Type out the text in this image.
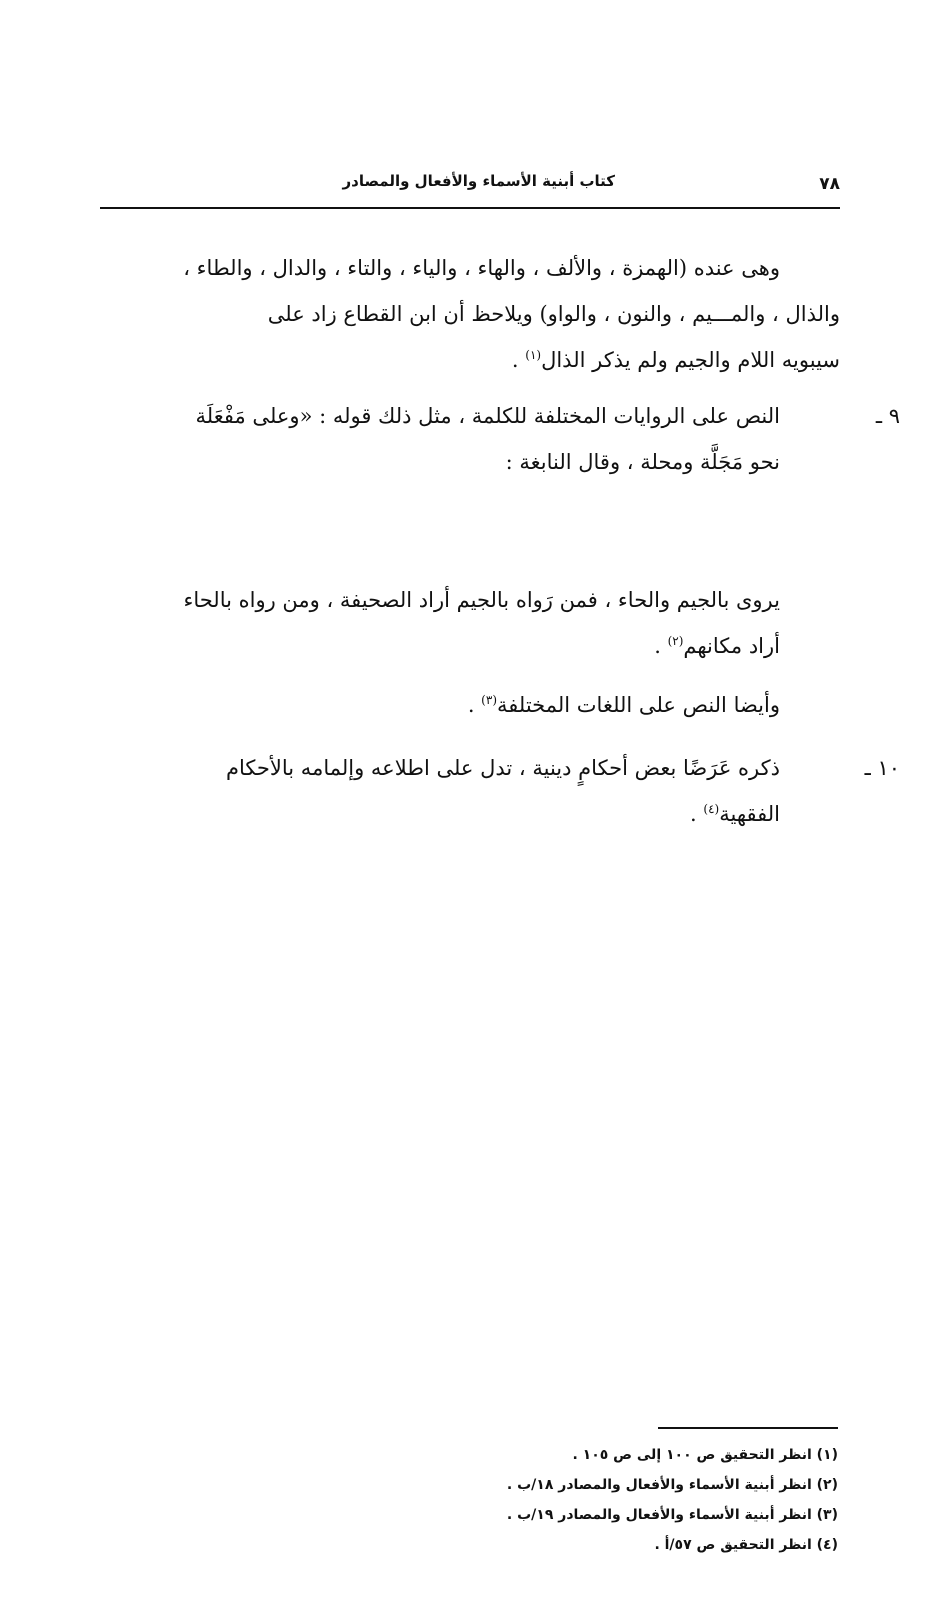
٧٨
كتاب أبنية الأسماء والأفعال والمصادر
وهى عنده (الهمزة ، والألف ، والهاء ، والياء ، والتاء ، والدال ، والطاء ،
والذال ، والمـــيم ، والنون ، والواو) ويلاحظ أن ابن القطاع زاد على
سيبويه اللام والجيم ولم يذكر الذال$^{(١)}$ .
٩ ـالنص على الروايات المختلفة للكلمة ، مثل ذلك قوله : «وعلى مَفْعَلَة
نحو مَجَلَّة ومحلة ، وقال النابغة :
يروى بالجيم والحاء ، فمن رَواه بالجيم أراد الصحيفة ، ومن رواه بالحاء
أراد مكانهم$^{(٢)}$ .
وأيضا النص على اللغات المختلفة$^{(٣)}$ .
١٠ ـذكره عَرَضًا بعض أحكامٍ دينية ، تدل على اطلاعه وإلمامه بالأحكام
الفقهية$^{(٤)}$ .
(١) انظر التحقيق ص ١٠٠ إلى ص ١٠٥ .
(٢) انظر أبنية الأسماء والأفعال والمصادر ١٨/ب .
(٣) انظر أبنية الأسماء والأفعال والمصادر ١٩/ب .
(٤) انظر التحقيق ص ٥٧/أ .
